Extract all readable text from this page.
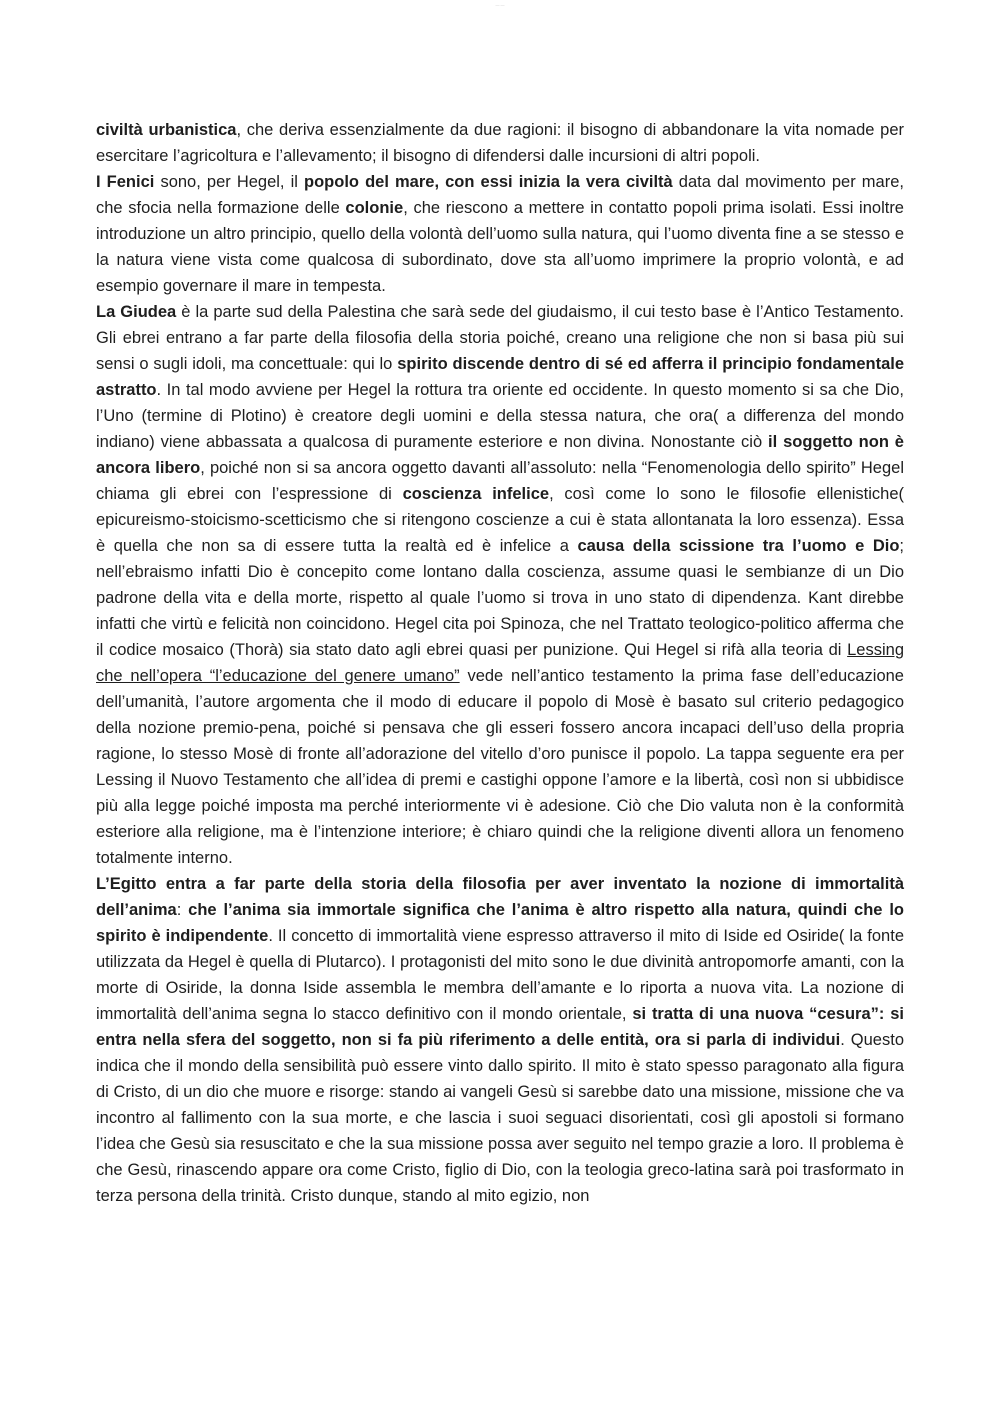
— —

civiltà urbanistica, che deriva essenzialmente da due ragioni: il bisogno di abbandonare la vita nomade per esercitare l’agricoltura e l’allevamento; il bisogno di difendersi dalle incursioni di altri popoli.

I Fenici sono, per Hegel, il popolo del mare, con essi inizia la vera civiltà data dal movimento per mare, che sfocia nella formazione delle colonie, che riescono a mettere in contatto popoli prima isolati. Essi inoltre introduzione un altro principio, quello della volontà dell’uomo sulla natura, qui l’uomo diventa fine a se stesso e la natura viene vista come qualcosa di subordinato, dove sta all’uomo imprimere la proprio volontà, e ad esempio governare il mare in tempesta.

La Giudea è la parte sud della Palestina che sarà sede del giudaismo, il cui testo base è l’Antico Testamento. Gli ebrei entrano a far parte della filosofia della storia poiché, creano una religione che non si basa più sui sensi o sugli idoli, ma concettuale: qui lo spirito discende dentro di sé ed afferra il principio fondamentale astratto. In tal modo avviene per Hegel la rottura tra oriente ed occidente. In questo momento si sa che Dio, l’Uno (termine di Plotino) è creatore degli uomini e della stessa natura, che ora( a differenza del mondo indiano) viene abbassata a qualcosa di puramente esteriore e non divina. Nonostante ciò il soggetto non è ancora libero, poiché non si sa ancora oggetto davanti all’assoluto: nella “Fenomenologia dello spirito” Hegel chiama gli ebrei con l’espressione di coscienza infelice, così come lo sono le filosofie ellenistiche( epicureismo-stoicismo-scetticismo che si ritengono coscienze a cui è stata allontanata la loro essenza). Essa è quella che non sa di essere tutta la realtà ed è infelice a causa della scissione tra l’uomo e Dio; nell’ebraismo infatti Dio è concepito come lontano dalla coscienza, assume quasi le sembianze di un Dio padrone della vita e della morte, rispetto al quale l’uomo si trova in uno stato di dipendenza. Kant direbbe infatti che virtù e felicità non coincidono. Hegel cita poi Spinoza, che nel Trattato teologico-politico afferma che il codice mosaico (Thorà) sia stato dato agli ebrei quasi per punizione. Qui Hegel si rifà alla teoria di Lessing che nell’opera “l’educazione del genere umano” vede nell’antico testamento la prima fase dell’educazione dell’umanità, l’autore argomenta che il modo di educare il popolo di Mosè è basato sul criterio pedagogico della nozione premio-pena, poiché si pensava che gli esseri fossero ancora incapaci dell’uso della propria ragione, lo stesso Mosè di fronte all’adorazione del vitello d’oro punisce il popolo. La tappa seguente era per Lessing il Nuovo Testamento che all’idea di premi e castighi oppone l’amore e la libertà, così non si ubbidisce più alla legge poiché imposta ma perché interiormente vi è adesione. Ciò che Dio valuta non è la conformità esteriore alla religione, ma è l’intenzione interiore; è chiaro quindi che la religione diventi allora un fenomeno totalmente interno.

L’Egitto entra a far parte della storia della filosofia per aver inventato la nozione di immortalità dell’anima: che l’anima sia immortale significa che l’anima è altro rispetto alla natura, quindi che lo spirito è indipendente. Il concetto di immortalità viene espresso attraverso il mito di Iside ed Osiride( la fonte utilizzata da Hegel è quella di Plutarco). I protagonisti del mito sono le due divinità antropomorfe amanti, con la morte di Osiride, la donna Iside assembla le membra dell’amante e lo riporta a nuova vita. La nozione di immortalità dell’anima segna lo stacco definitivo con il mondo orientale, si tratta di una nuova “cesura”: si entra nella sfera del soggetto, non si fa più riferimento a delle entità, ora si parla di individui. Questo indica che il mondo della sensibilità può essere vinto dallo spirito. Il mito è stato spesso paragonato alla figura di Cristo, di un dio che muore e risorge: stando ai vangeli Gesù si sarebbe dato una missione, missione che va incontro al fallimento con la sua morte, e che lascia i suoi seguaci disorientati, così gli apostoli si formano l’idea che Gesù sia resuscitato e che la sua missione possa aver seguito nel tempo grazie a loro. Il problema è che Gesù, rinascendo appare ora come Cristo, figlio di Dio, con la teologia greco-latina sarà poi trasformato in terza persona della trinità. Cristo dunque, stando al mito egizio, non
